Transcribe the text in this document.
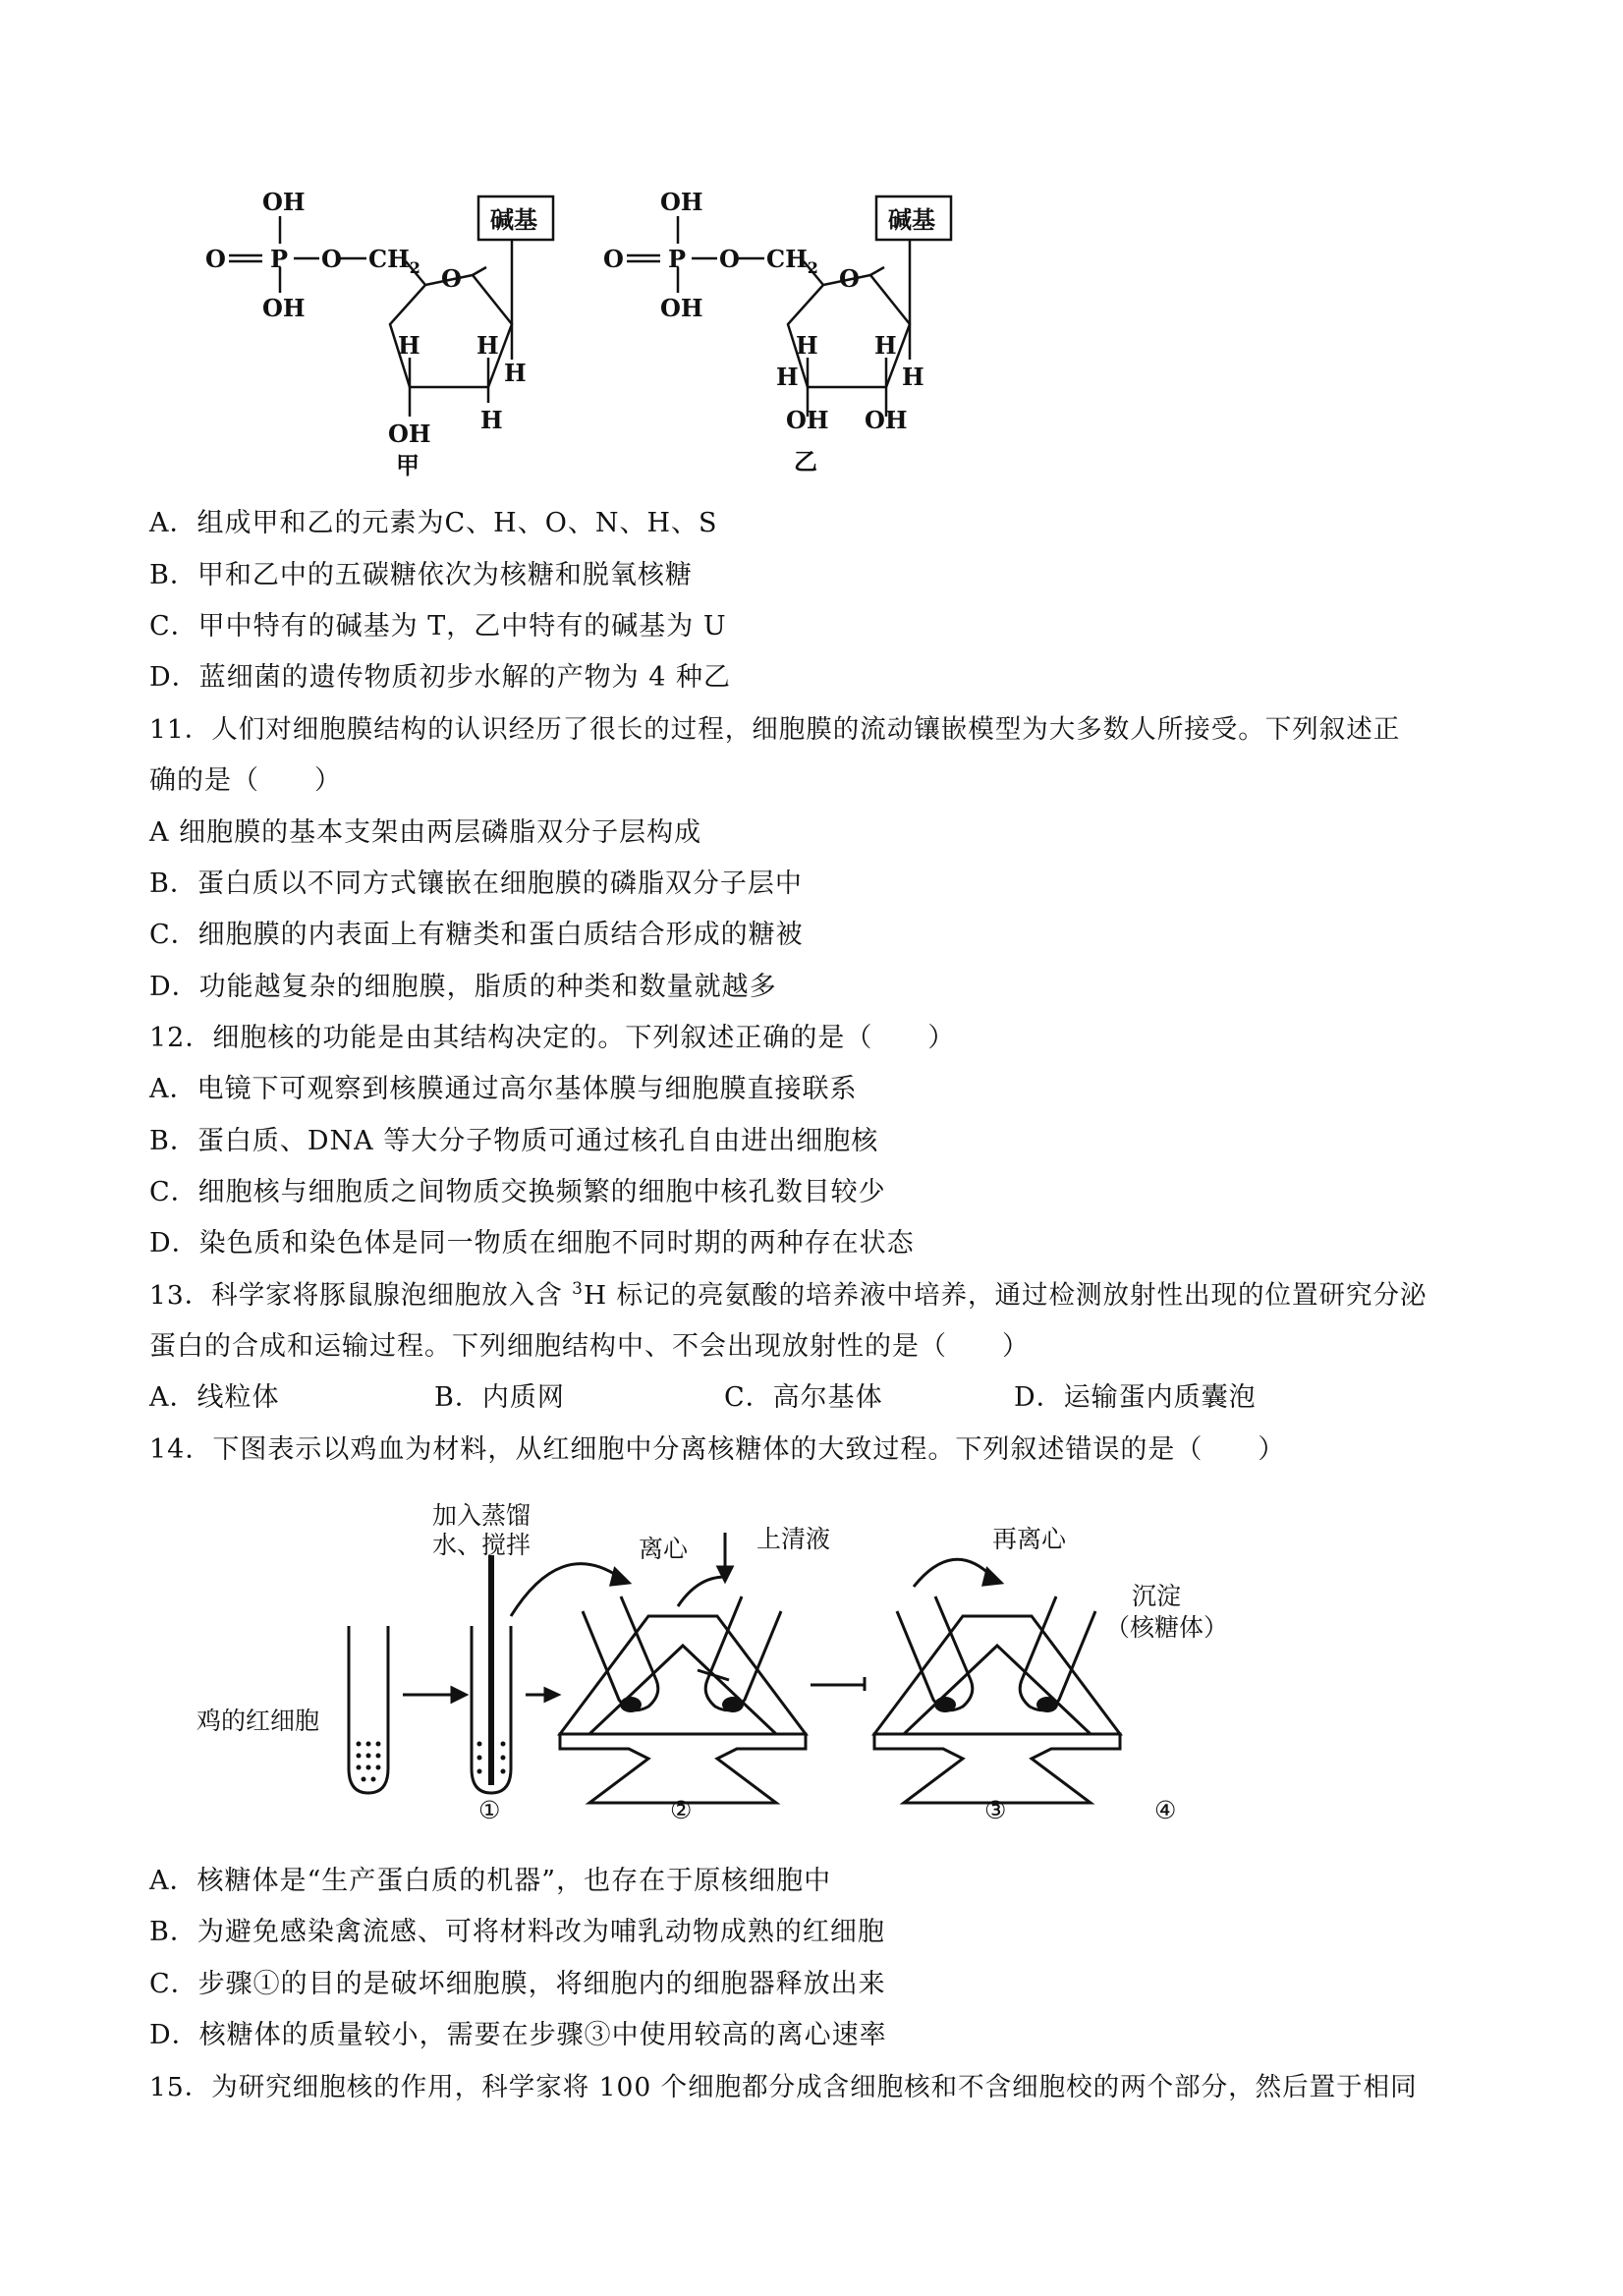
OH
O P O $CH_2$
OH
O
碱基
H H
H
OH H
甲
OH
O P O $CH_2$
OH
O
碱基
H H
H	H
OH OH
乙
A．组成甲和乙的元素为C、H、O、N、H、S
B．甲和乙中的五碳糖依次为核糖和脱氧核糖
C．甲中特有的碱基为 T，乙中特有的碱基为 U
D．蓝细菌的遗传物质初步水解的产物为 4 种乙
11．人们对细胞膜结构的认识经历了很长的过程，细胞膜的流动镶嵌模型为大多数人所接受。下列叙述正
确的是（　　）
A 细胞膜的基本支架由两层磷脂双分子层构成
B．蛋白质以不同方式镶嵌在细胞膜的磷脂双分子层中
C．细胞膜的内表面上有糖类和蛋白质结合形成的糖被
D．功能越复杂的细胞膜，脂质的种类和数量就越多
12．细胞核的功能是由其结构决定的。下列叙述正确的是（　　）
A．电镜下可观察到核膜通过高尔基体膜与细胞膜直接联系
B．蛋白质、DNA 等大分子物质可通过核孔自由进出细胞核
C．细胞核与细胞质之间物质交换频繁的细胞中核孔数目较少
D．染色质和染色体是同一物质在细胞不同时期的两种存在状态
13．科学家将豚鼠腺泡细胞放入含 $^3$H 标记的亮氨酸的培养液中培养，通过检测放射性出现的位置研究分泌
蛋白的合成和运输过程。下列细胞结构中、不会出现放射性的是（　　）
A．线粒体	B．内质网	C．高尔基体	D．运输蛋内质囊泡
14．下图表示以鸡血为材料，从红细胞中分离核糖体的大致过程。下列叙述错误的是（　　）
鸡的红细胞
加入蒸馏
水、搅拌	离心	上清液	再离心
沉淀
（核糖体）
①	②	③	④
A．核糖体是“生产蛋白质的机器”，也存在于原核细胞中
B．为避免感染禽流感、可将材料改为哺乳动物成熟的红细胞
C．步骤①的目的是破坏细胞膜，将细胞内的细胞器释放出来
D．核糖体的质量较小，需要在步骤③中使用较高的离心速率
15．为研究细胞核的作用，科学家将 100 个细胞都分成含细胞核和不含细胞校的两个部分，然后置于相同
